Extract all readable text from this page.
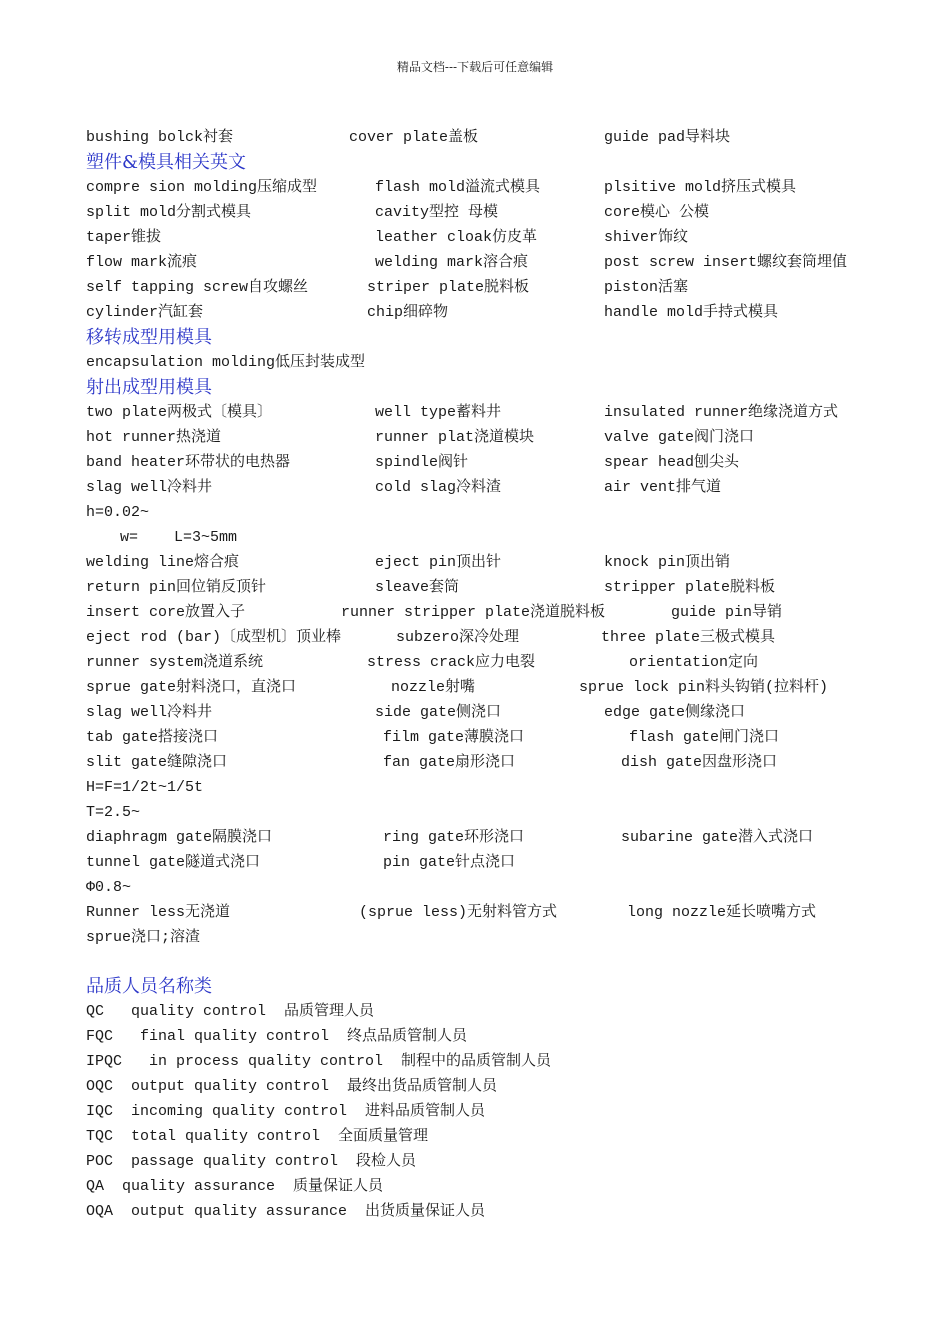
精品文档---下载后可任意编辑
bushing bolck衬套	cover plate盖板	guide pad导料块
塑件&模具相关英文
compre sion molding压缩成型	flash mold溢流式模具	plsitive mold挤压式模具
split mold分割式模具	cavity型控 母模	core模心 公模
taper锥拔	leather cloak仿皮革	shiver饰纹
flow mark流痕	welding mark溶合痕	post screw insert螺纹套筒埋值
self tapping screw自攻螺丝	striper plate脱料板	piston活塞
cylinder汽缸套	chip细碎物	handle mold手持式模具
移转成型用模具
encapsulation molding低压封装成型
射出成型用模具
two plate两极式〔模具〕	well type蓄料井	insulated runner绝缘浇道方式
hot runner热浇道	runner plat浇道模块	valve gate阀门浇口
band heater环带状的电热器	spindle阀针	spear head刨尖头
slag well冷料井	cold slag冷料渣	air vent排气道
h=0.02~
w=    L=3~5mm
welding line熔合痕	eject pin顶出针	knock pin顶出销
return pin回位销反顶针	sleave套筒	stripper plate脱料板
insert core放置入子	runner stripper plate浇道脱料板	guide pin导销
eject rod (bar)〔成型机〕顶业棒	subzero深冷处理	three plate三极式模具
runner system浇道系统	stress crack应力电裂	orientation定向
sprue gate射料浇口，直浇口	nozzle射嘴	sprue lock pin料头钩销(拉料杆)
slag well冷料井	side gate侧浇口	edge gate侧缘浇口
tab gate搭接浇口	film gate薄膜浇口	flash gate闸门浇口
slit gate缝隙浇口	fan gate扇形浇口	dish gate因盘形浇口
H=F=1/2t~1/5t
T=2.5~
diaphragm gate隔膜浇口	ring gate环形浇口	subarine gate潜入式浇口
tunnel gate隧道式浇口	pin gate针点浇口
Φ0.8~
Runner less无浇道	(sprue less)无射料管方式	long nozzle延长喷嘴方式
sprue浇口;溶渣
品质人员名称类
QC   quality control  品质管理人员
FQC   final quality control  终点品质管制人员
IPQC   in process quality control  制程中的品质管制人员
OQC  output quality control  最终出货品质管制人员
IQC  incoming quality control  进料品质管制人员
TQC  total quality control  全面质量管理
POC  passage quality control  段检人员
QA  quality assurance  质量保证人员
OQA  output quality assurance  出货质量保证人员
